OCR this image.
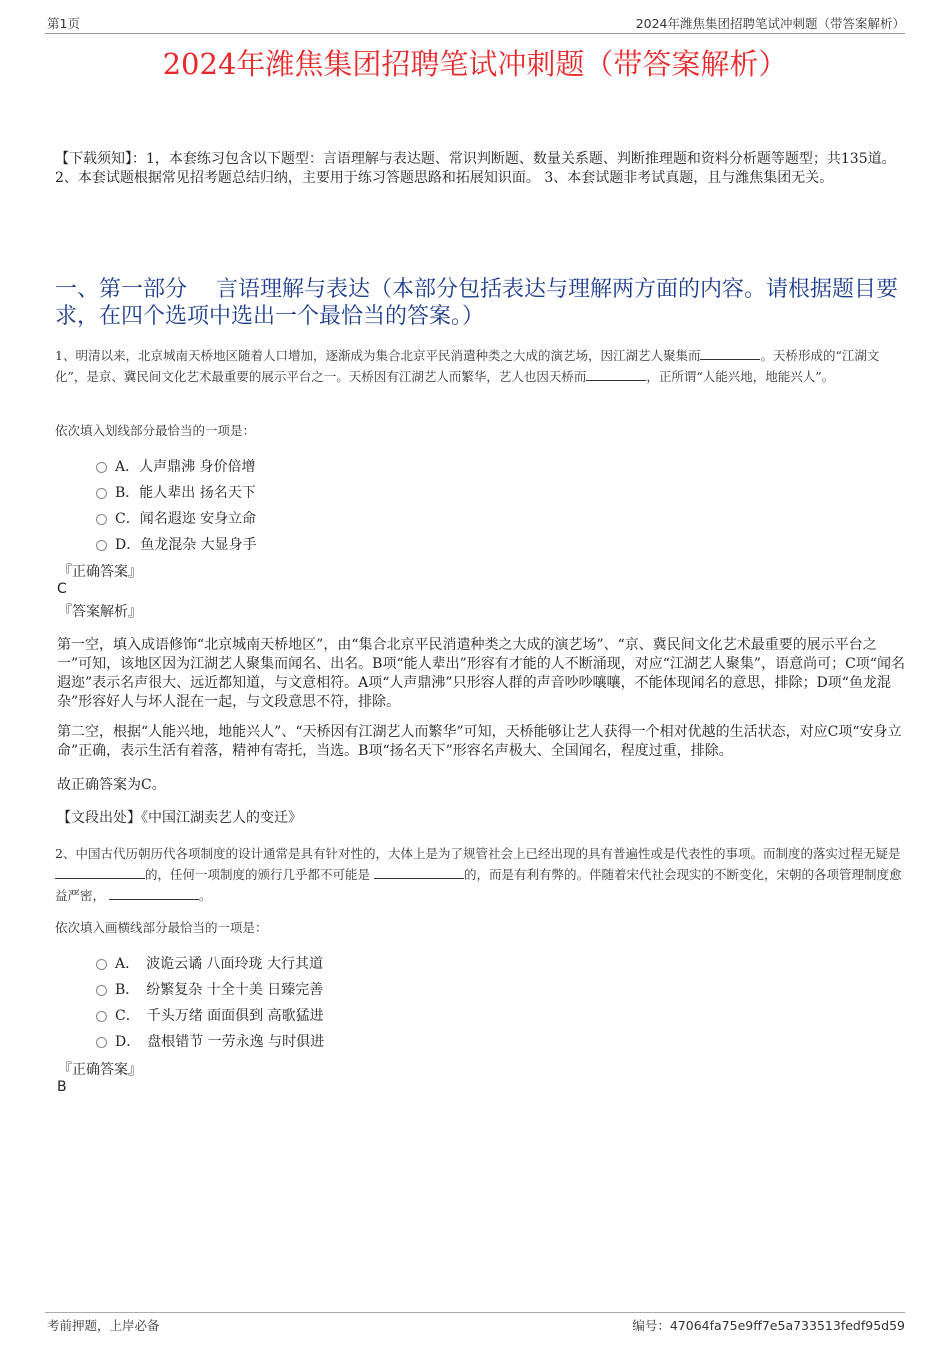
第1页	2024年潍焦集团招聘笔试冲刺题（带答案解析）
2024年潍焦集团招聘笔试冲刺题（带答案解析）
【下载须知】：1，本套练习包含以下题型：言语理解与表达题、常识判断题、数量关系题、判断推理题和资料分析题等题型；共135道。 2、本套试题根据常见招考题总结归纳，主要用于练习答题思路和拓展知识面。 3、本套试题非考试真题，且与潍焦集团无关。
一、第一部分　 言语理解与表达（本部分包括表达与理解两方面的内容。请根据题目要求，在四个选项中选出一个最恰当的答案。）
1、明清以来，北京城南天桥地区随着人口增加，逐渐成为集合北京平民消遣种类之大成的演艺场，因江湖艺人聚集而	。天桥形成的“江湖文化”，是京、冀民间文化艺术最重要的展示平台之一。天桥因有江湖艺人而繁华，艺人也因天桥而	，正所谓“人能兴地，地能兴人”。
依次填入划线部分最恰当的一项是：
A．人声鼎沸 身价倍增
B．能人辈出 扬名天下
C．闻名遐迩 安身立命
D．鱼龙混杂 大显身手
『正确答案』
C
『答案解析』
第一空，填入成语修饰“北京城南天桥地区”，由“集合北京平民消遣种类之大成的演艺场”、“京、冀民间文化艺术最重要的展示平台之一”可知，该地区因为江湖艺人聚集而闻名、出名。B项“能人辈出”形容有才能的人不断涌现，对应“江湖艺人聚集”，语意尚可；C项“闻名遐迩”表示名声很大、远近都知道，与文意相符。A项“人声鼎沸”只形容人群的声音吵吵嚷嚷，不能体现闻名的意思，排除；D项“鱼龙混杂”形容好人与坏人混在一起，与文段意思不符，排除。
第二空，根据“人能兴地，地能兴人”、“天桥因有江湖艺人而繁华”可知，天桥能够让艺人获得一个相对优越的生活状态，对应C项“安身立命”正确，表示生活有着落，精神有寄托，当选。B项“扬名天下”形容名声极大、全国闻名，程度过重，排除。
故正确答案为C。
【文段出处】《中国江湖卖艺人的变迁》
2、中国古代历朝历代各项制度的设计通常是具有针对性的，大体上是为了规管社会上已经出现的具有普遍性或是代表性的事项。而制度的落实过程无疑是 的，任何一项制度的颁行几乎都不可能是	的，而是有利有弊的。伴随着宋代社会现实的不断变化，宋朝的各项管理制度愈益严密，	。
依次填入画横线部分最恰当的一项是：
A．　波诡云谲 八面玲珑 大行其道
B．　纷繁复杂 十全十美 日臻完善
C．　千头万绪 面面俱到 高歌猛进
D．　盘根错节 一劳永逸 与时俱进
『正确答案』
B
考前押题，上岸必备	编号：47064fa75e9ff7e5a733513fedf95d59
